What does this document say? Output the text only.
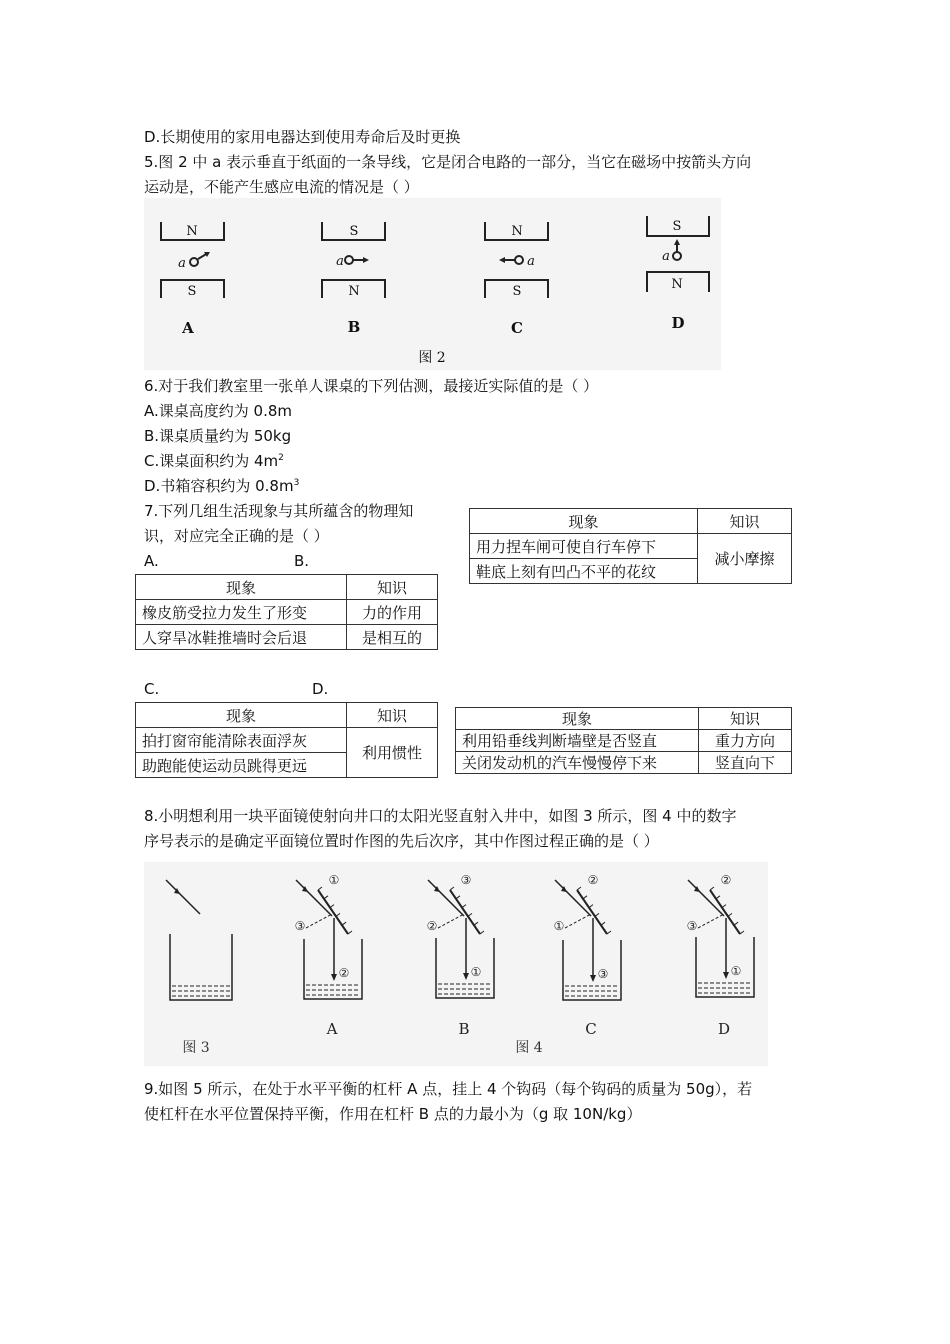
D.长期使用的家用电器达到使用寿命后及时更换
5.图 2 中 a 表示垂直于纸面的一条导线，它是闭合电路的一部分，当它在磁场中按箭头方向
运动是，不能产生感应电流的情况是（ ）
N
S
S
N
N
S
S
N
a	a	a	a
A	B	C	D
图 2
6.对于我们教室里一张单人课桌的下列估测，最接近实际值的是（ ）
A.课桌高度约为 0.8m
B.课桌质量约为 50kg
C.课桌面积约为 $4m^2$
D.书箱容积约为 $0.8m^3$
7.下列几组生活现象与其所蕴含的物理知
识，对应完全正确的是（ ）
A.	B.
现象	知识
用力捏车闸可使自行车停下	减小摩擦
鞋底上刻有凹凸不平的花纹	
现象	知识
橡皮筋受拉力发生了形变	力的作用
人穿旱冰鞋推墙时会后退	是相互的
C.	D.
现象	知识
拍打窗帘能清除表面浮灰	利用惯性
助跑能使运动员跳得更远	
现象	知识
利用铅垂线判断墙壁是否竖直	重力方向
关闭发动机的汽车慢慢停下来	竖直向下
8.小明想利用一块平面镜使射向井口的太阳光竖直射入井中，如图 3 所示，图 4 中的数字
序号表示的是确定平面镜位置时作图的先后次序，其中作图过程正确的是（ ）
图 3	图 4
①
③
②
A
③
②
①
B
②
①
③
C
②
③
①
D
9.如图 5 所示，在处于水平平衡的杠杆 A 点，挂上 4 个钩码（每个钩码的质量为 50g），若
使杠杆在水平位置保持平衡，作用在杠杆 B 点的力最小为（g 取 10N/kg）
